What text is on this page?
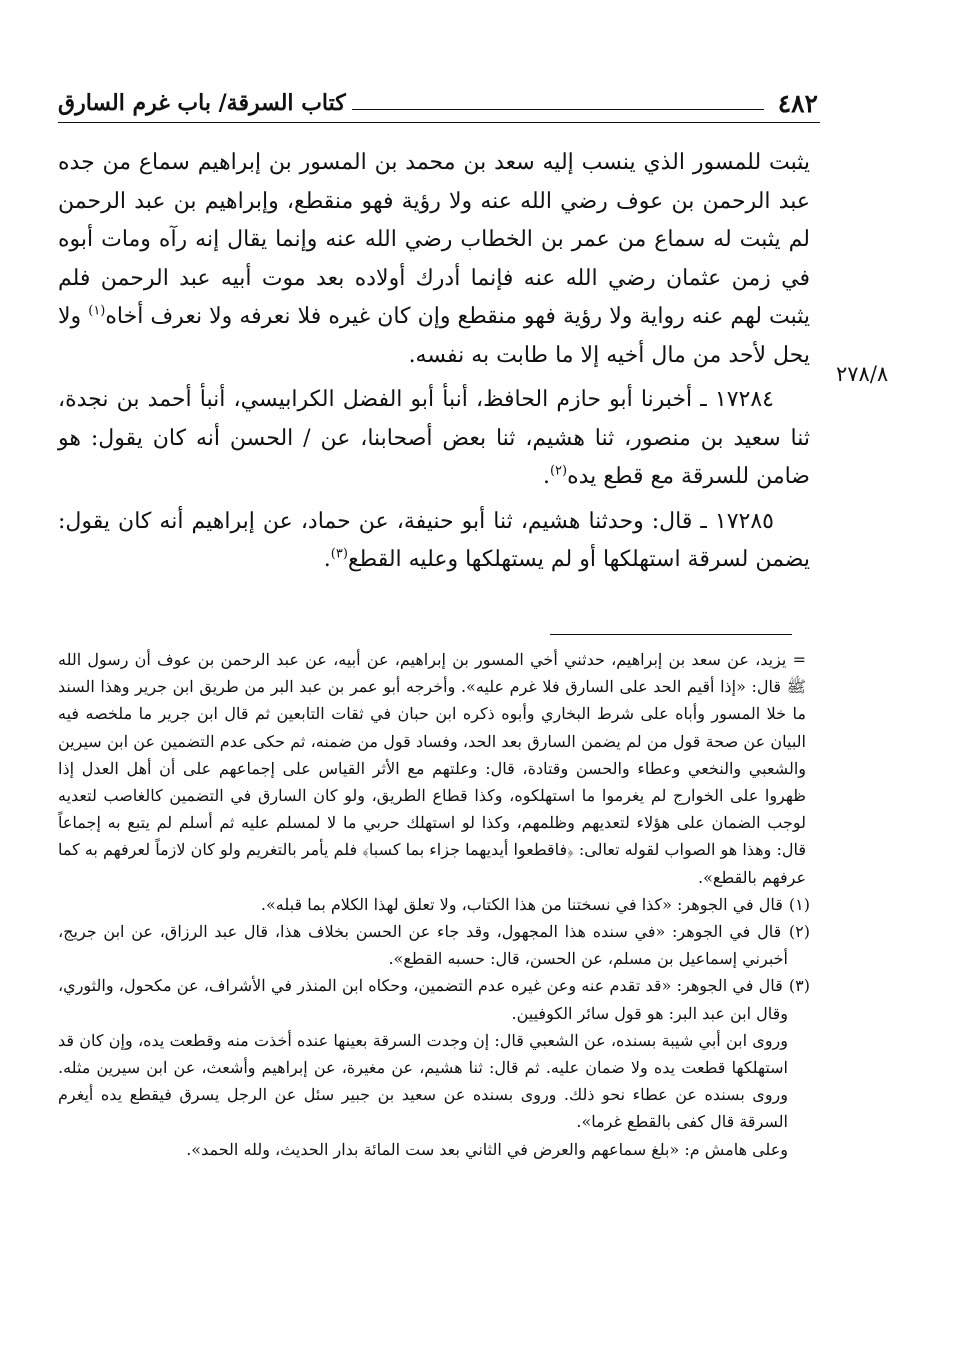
٤٨٢
كتاب السرقة/ باب غرم السارق

يثبت للمسور الذي ينسب إليه سعد بن محمد بن المسور بن إبراهيم سماع من جده عبد الرحمن بن عوف رضي الله عنه ولا رؤية فهو منقطع، وإبراهيم بن عبد الرحمن لم يثبت له سماع من عمر بن الخطاب رضي الله عنه وإنما يقال إنه رآه ومات أبوه في زمن عثمان رضي الله عنه فإنما أدرك أولاده بعد موت أبيه عبد الرحمن فلم يثبت لهم عنه رواية ولا رؤية فهو منقطع وإن كان غيره فلا نعرفه ولا نعرف أخاه$^{(١)}$ ولا يحل لأحد من مال أخيه إلا ما طابت به نفسه.

١٧٢٨٤ ـ أخبرنا أبو حازم الحافظ، أنبأ أبو الفضل الكرابيسي، أنبأ أحمد بن نجدة، ثنا سعيد بن منصور، ثنا هشيم، ثنا بعض أصحابنا، عن / الحسن أنه كان يقول: هو ضامن للسرقة مع قطع يده$^{(٢)}$.

١٧٢٨٥ ـ قال: وحدثنا هشيم، ثنا أبو حنيفة، عن حماد، عن إبراهيم أنه كان يقول: يضمن لسرقة استهلكها أو لم يستهلكها وعليه القطع$^{(٣)}$.

٢٧٨/٨

= يزيد، عن سعد بن إبراهيم، حدثني أخي المسور بن إبراهيم، عن أبيه، عن عبد الرحمن بن عوف أن رسول الله ﷺ قال: «إذا أقيم الحد على السارق فلا غرم عليه». وأخرجه أبو عمر بن عبد البر من طريق ابن جرير وهذا السند ما خلا المسور وأباه على شرط البخاري وأبوه ذكره ابن حبان في ثقات التابعين ثم قال ابن جرير ما ملخصه فيه البيان عن صحة قول من لم يضمن السارق بعد الحد، وفساد قول من ضمنه، ثم حكى عدم التضمين عن ابن سيرين والشعبي والنخعي وعطاء والحسن وقتادة، قال: وعلتهم مع الأثر القياس على إجماعهم على أن أهل العدل إذا ظهروا على الخوارج لم يغرموا ما استهلكوه، وكذا قطاع الطريق، ولو كان السارق في التضمين كالغاصب لتعديه لوجب الضمان على هؤلاء لتعديهم وظلمهم، وكذا لو استهلك حربي ما لا لمسلم عليه ثم أسلم لم يتبع به إجماعاً قال: وهذا هو الصواب لقوله تعالى: ﴿فاقطعوا أيديهما جزاء بما كسبا﴾ فلم يأمر بالتغريم ولو كان لازماً لعرفهم به كما عرفهم بالقطع».

(١) قال في الجوهر: «كذا في نسختنا من هذا الكتاب، ولا تعلق لهذا الكلام بما قبله».

(٢) قال في الجوهر: «في سنده هذا المجهول، وقد جاء عن الحسن بخلاف هذا، قال عبد الرزاق، عن ابن جريج، أخبرني إسماعيل بن مسلم، عن الحسن، قال: حسبه القطع».

(٣) قال في الجوهر: «قد تقدم عنه وعن غيره عدم التضمين، وحكاه ابن المنذر في الأشراف، عن مكحول، والثوري، وقال ابن عبد البر: هو قول سائر الكوفيين.

وروى ابن أبي شيبة بسنده، عن الشعبي قال: إن وجدت السرقة بعينها عنده أخذت منه وقطعت يده، وإن كان قد استهلكها قطعت يده ولا ضمان عليه. ثم قال: ثنا هشيم، عن مغيرة، عن إبراهيم وأشعث، عن ابن سيرين مثله. وروى بسنده عن عطاء نحو ذلك. وروى بسنده عن سعيد بن جبير سئل عن الرجل يسرق فيقطع يده أيغرم السرقة قال كفى بالقطع غرما».

وعلى هامش م: «بلغ سماعهم والعرض في الثاني بعد ست المائة بدار الحديث، ولله الحمد».
